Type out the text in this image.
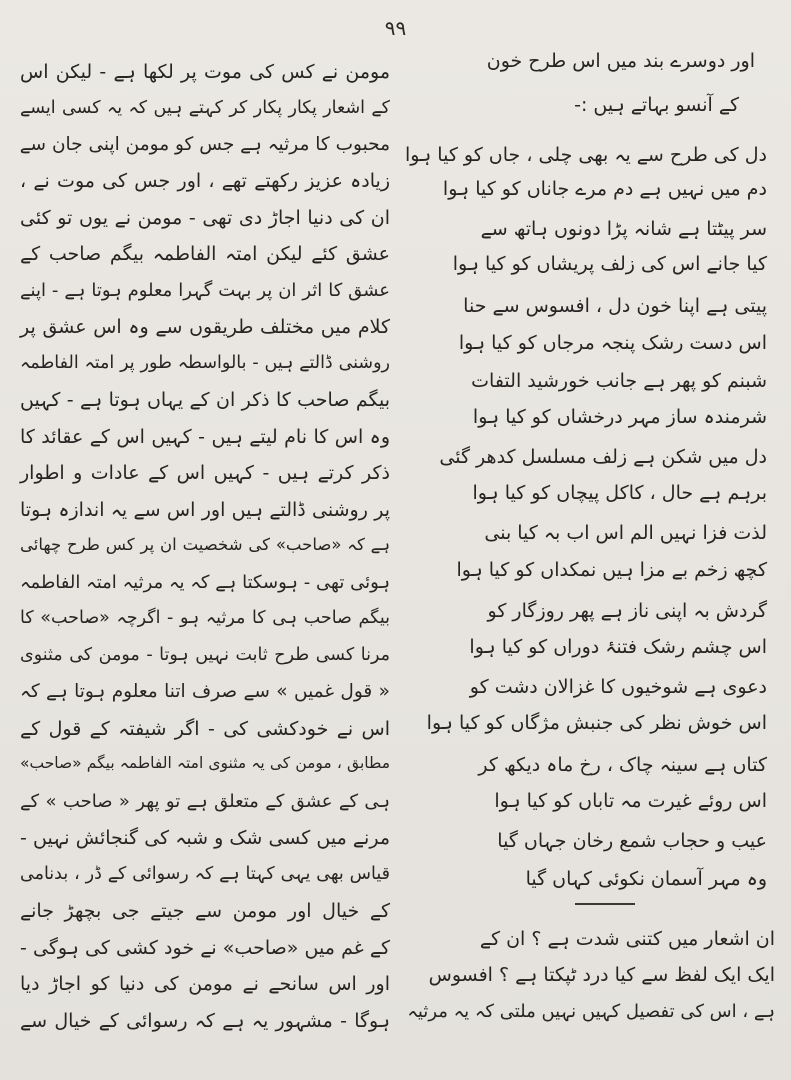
۹۹
مومن نے کس کی موت پر لکھا ہے - لیکن اس
کے اشعار پکار پکار کر کہتے ہیں کہ یہ کسی ایسے
محبوب کا مرثیہ ہے جس کو مومن اپنی جان سے
زیادہ عزیز رکھتے تھے ، اور جس کی موت نے ،
ان کی دنیا اجاڑ دی تھی - مومن نے یوں تو کئی
عشق کئے لیکن امتہ الفاطمہ بیگم صاحب کے
عشق کا اثر ان پر بہت گہرا معلوم ہوتا ہے - اپنے
کلام میں مختلف طریقوں سے وہ اس عشق پر
روشنی ڈالتے ہیں - بالواسطہ طور پر امتہ الفاطمہ
بیگم صاحب کا ذکر ان کے یہاں ہوتا ہے - کہیں
وہ اس کا نام لیتے ہیں - کہیں اس کے عقائد کا
ذکر کرتے ہیں - کہیں اس کے عادات و اطوار
پر روشنی ڈالتے ہیں اور اس سے یہ اندازہ ہوتا
ہے کہ «صاحب» کی شخصیت ان پر کس طرح چھائی
ہوئی تھی - ہوسکتا ہے کہ یہ مرثیہ امتہ الفاطمہ
بیگم صاحب ہی کا مرثیہ ہو - اگرچہ «صاحب» کا
مرنا کسی طرح ثابت نہیں ہوتا - مومن کی مثنوی
« قول غمیں » سے صرف اتنا معلوم ہوتا ہے کہ
اس نے خودکشی کی - اگر شیفتہ کے قول کے
مطابق ، مومن کی یہ مثنوی امتہ الفاطمہ بیگم «صاحب»
ہی کے عشق کے متعلق ہے تو پھر « صاحب » کے
مرنے میں کسی شک و شبہ کی گنجائش نہیں -
قیاس بھی یہی کہتا ہے کہ رسوائی کے ڈر ، بدنامی
کے خیال اور مومن سے جیتے جی بچھڑ جانے
کے غم میں «صاحب» نے خود کشی کی ہوگی -
اور اس سانحے نے مومن کی دنیا کو اجاڑ دیا
ہوگا - مشہور یہ ہے کہ رسوائی کے خیال سے
اور دوسرے بند میں اس طرح خون
کے آنسو بہاتے ہیں :-
دل کی طرح سے یہ بھی چلی ، جاں کو کیا ہوا
دم میں نہیں ہے دم مرے جاناں کو کیا ہوا
سر پیٹتا ہے شانہ پڑا دونوں ہاتھ سے
کیا جانے اس کی زلف پریشاں کو کیا ہوا
پیتی ہے اپنا خون دل ، افسوس سے حنا
اس دست رشک پنجہ مرجاں کو کیا ہوا
شبنم کو پھر ہے جانب خورشید التفات
شرمندہ ساز مہر درخشاں کو کیا ہوا
دل میں شکن ہے زلف مسلسل کدھر گئی
برہم ہے حال ، کاکل پیچاں کو کیا ہوا
لذت فزا نہیں الم اس اب بہ کیا بنی
کچھ زخم بے مزا ہیں نمکداں کو کیا ہوا
گردش بہ اپنی ناز ہے پھر روزگار کو
اس چشم رشک فتنۂ دوراں کو کیا ہوا
دعوی ہے شوخیوں کا غزالان دشت کو
اس خوش نظر کی جنبش مژگاں کو کیا ہوا
کتاں ہے سینہ چاک ، رخ ماہ دیکھ کر
اس روئے غیرت مہ تاباں کو کیا ہوا
عیب و حجاب شمع رخان جہاں گیا
وہ مہر آسمان نکوئی کہاں گیا
ان اشعار میں کتنی شدت ہے ؟ ان کے
ایک ایک لفظ سے کیا درد ٹپکتا ہے ؟ افسوس
ہے ، اس کی تفصیل کہیں نہیں ملتی کہ یہ مرثیہ
